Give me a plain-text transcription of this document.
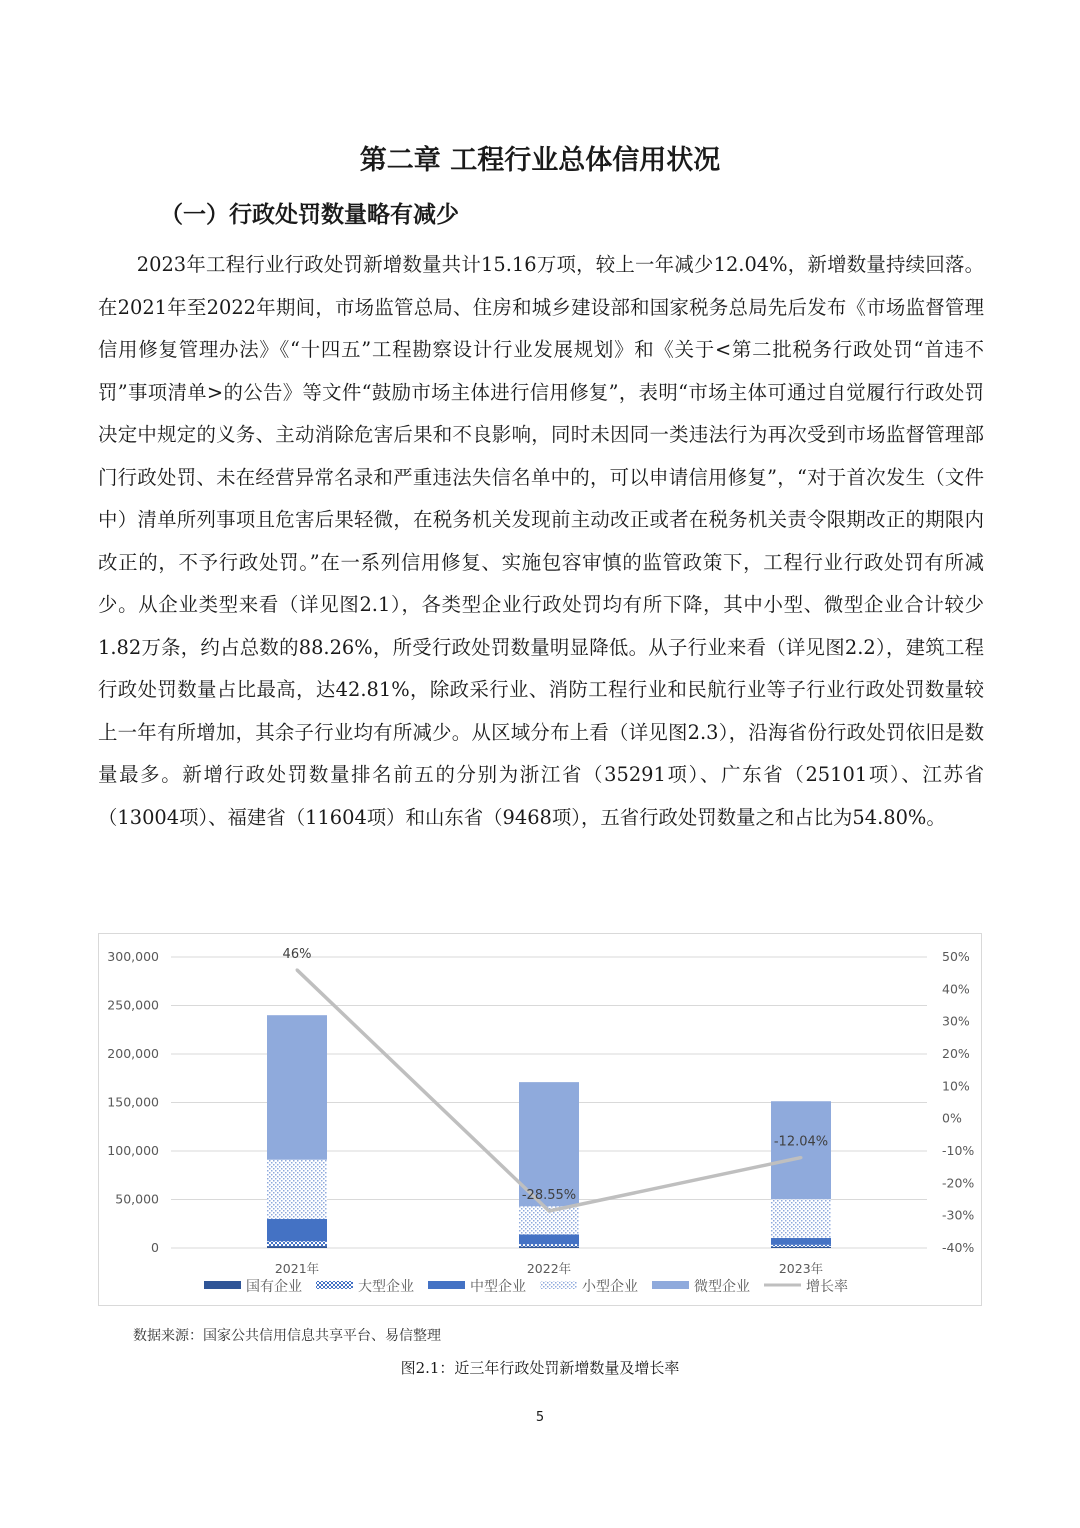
第二章 工程行业总体信用状况
（一）行政处罚数量略有减少

2023年工程行业行政处罚新增数量共计15.16万项，较上一年减少12.04%，新增数量持续回落。在2021年至2022年期间，市场监管总局、住房和城乡建设部和国家税务总局先后发布《市场监督管理信用修复管理办法》《“十四五”工程勘察设计行业发展规划》和《关于<第二批税务行政处罚“首违不罚”事项清单>的公告》等文件“鼓励市场主体进行信用修复”，表明“市场主体可通过自觉履行行政处罚决定中规定的义务、主动消除危害后果和不良影响，同时未因同一类违法行为再次受到市场监督管理部门行政处罚、未在经营异常名录和严重违法失信名单中的，可以申请信用修复”，“对于首次发生（文件中）清单所列事项且危害后果轻微，在税务机关发现前主动改正或者在税务机关责令限期改正的期限内改正的，不予行政处罚。”在一系列信用修复、实施包容审慎的监管政策下，工程行业行政处罚有所减少。从企业类型来看（详见图2.1），各类型企业行政处罚均有所下降，其中小型、微型企业合计较少1.82万条，约占总数的88.26%，所受行政处罚数量明显降低。从子行业来看（详见图2.2），建筑工程行政处罚数量占比最高，达42.81%，除政采行业、消防工程行业和民航行业等子行业行政处罚数量较上一年有所增加，其余子行业均有所减少。从区域分布上看（详见图2.3），沿海省份行政处罚依旧是数量最多。新增行政处罚数量排名前五的分别为浙江省（35291项）、广东省（25101项）、江苏省（13004项）、福建省（11604项）和山东省（9468项），五省行政处罚数量之和占比为54.80%。

0
50,000
100,000
150,000
200,000
250,000
300,000
-40%
-30%
-20%
-10%
0%
10%
20%
30%
40%
50%
2021年	2022年	2023年
46%
-28.55%
-12.04%
国有企业	大型企业	中型企业	小型企业	微型企业	增长率

数据来源：国家公共信用信息共享平台、易信整理

图2.1：近三年行政处罚新增数量及增长率

5
